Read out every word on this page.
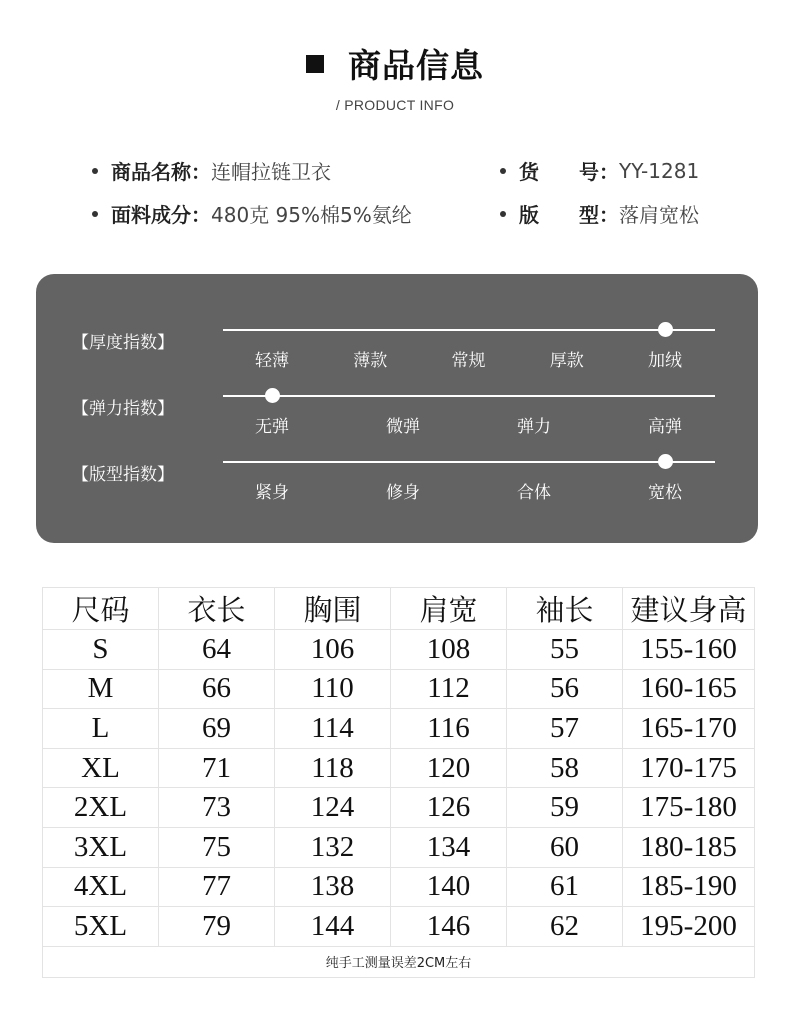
商品信息
/ PRODUCT INFO
商品名称： 连帽拉链卫衣	货　　号： YY-1281
面料成分： 480克 95%棉5%氨纶	版　　型： 落肩宽松
【厚度指数】
轻薄	薄款	常规	厚款	加绒
【弹力指数】
无弹	微弹	弹力	高弹
【版型指数】
紧身	修身	合体	宽松
尺码	衣长	胸围	肩宽	袖长	建议身高
S	64	106	108	55	155-160
M	66	110	112	56	160-165
L	69	114	116	57	165-170
XL	71	118	120	58	170-175
2XL	73	124	126	59	175-180
3XL	75	132	134	60	180-185
4XL	77	138	140	61	185-190
5XL	79	144	146	62	195-200
纯手工测量误差2CM左右					
